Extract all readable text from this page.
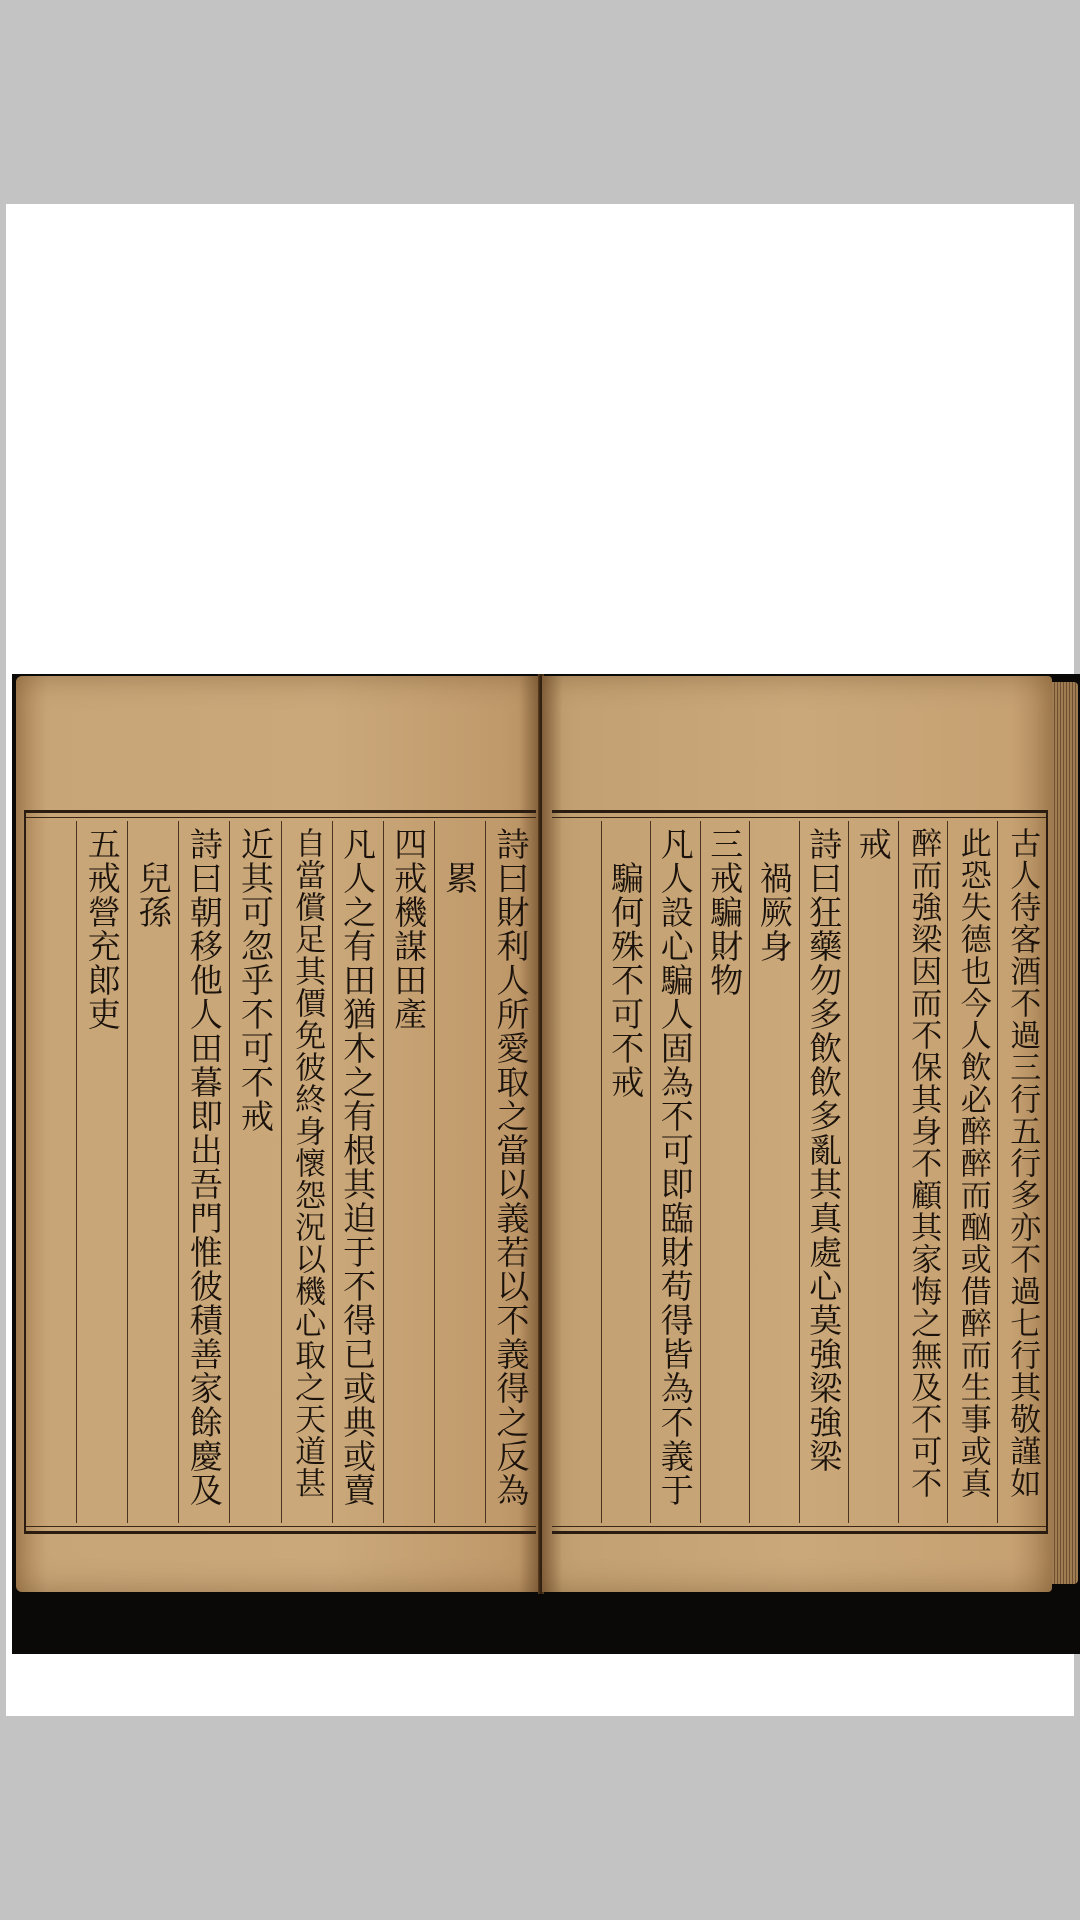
詩曰財利人所愛取之當以義若以不義得之反為
累
四戒機謀田產
凡人之有田猶木之有根其迫于不得已或典或賣
自當償足其價免彼終身懷怨況以機心取之天道甚
近其可忽乎不可不戒
詩曰朝移他人田暮即出吾門惟彼積善家餘慶及
兒孫
五戒營充郎吏	古人待客酒不過三行五行多亦不過七行其敬謹如
此恐失德也今人飲必醉醉而酗或借醉而生事或真
醉而強梁因而不保其身不顧其家悔之無及不可不
戒
詩曰狂藥勿多飲飲多亂其真處心莫強梁強梁
禍厥身
三戒騙財物
凡人設心騙人固為不可即臨財苟得皆為不義于
騙何殊不可不戒
